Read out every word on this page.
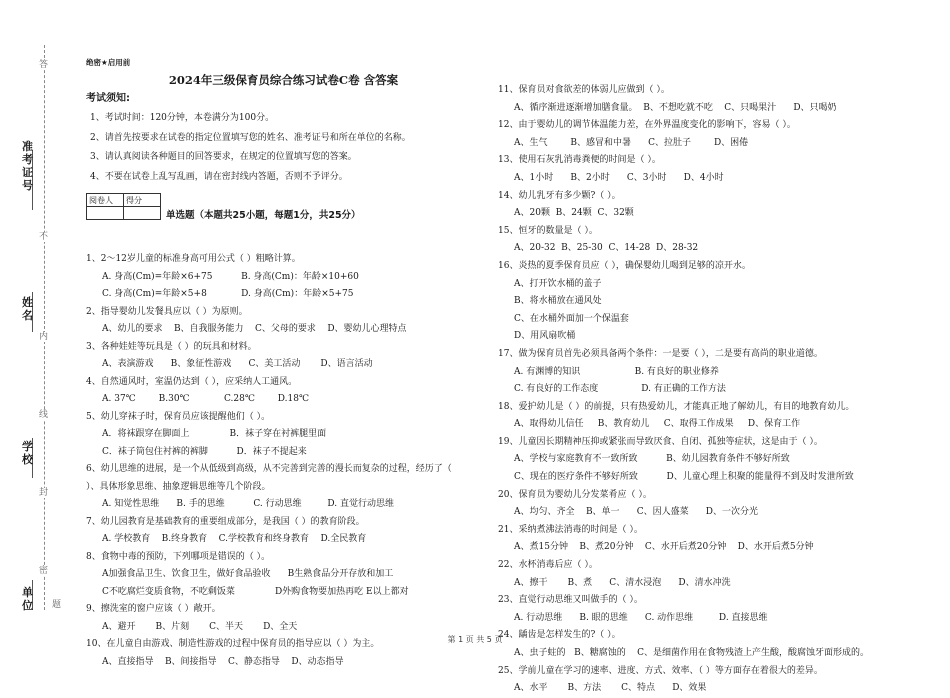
答
不
内
线
封
密
准考证号
姓名
学校
单位	题
绝密★启用前
2024年三级保育员综合练习试卷C卷 含答案
考试须知:
1、考试时间：120分钟，本卷满分为100分。
2、请首先按要求在试卷的指定位置填写您的姓名、准考证号和所在单位的名称。
3、请认真阅读各种题目的回答要求，在规定的位置填写您的答案。
4、不要在试卷上乱写乱画，请在密封线内答题，否则不予评分。
阅卷人	得分

单选题（本题共25小题，每题1分，共25分）
1、2～12岁儿童的标准身高可用公式（ ）粗略计算。
A. 身高(Cm)=年龄×6+75          B. 身高(Cm)：年龄×10+60
C. 身高(Cm)=年龄×5+8            D. 身高(Cm)：年龄×5+75
2、指导婴幼儿发餐具应以（ ）为原则。
A、幼儿的要求    B、自我服务能力    C、父母的要求    D、婴幼儿心理特点
3、各种娃娃等玩具是（ ）的玩具和材料。
A、表演游戏      B、象征性游戏      C、美工活动       D、语言活动
4、自然通风时，室温仍达到（ ），应采纳人工通风。
A. 37℃        B.30℃            C.28℃        D.18℃
5、幼儿穿袜子时，保育员应该提醒他们（ ）。
A．将袜跟穿在脚面上              B．袜子穿在衬裤腿里面
C．袜子筒包住衬裤的裤脚          D．袜子不提起来
6、幼儿思维的进展，是一个从低级到高级，从不完善到完善的漫长而复杂的过程，经历了（
）、具体形象思维、抽象逻辑思维等几个阶段。
A. 知觉性思维      B. 手的思维          C. 行动思维         D. 直觉行动思维
7、幼儿园教育是基础教育的重要组成部分，是我国（ ）的教育阶段。
A. 学校教育    B.终身教育    C.学校教育和终身教育    D.全民教育
8、食物中毒的预防，下列哪项是错误的（ ）。
A加强食品卫生、饮食卫生，做好食品验收      B生熟食品分开存放和加工
C不吃腐烂变质食物，不吃剩饭菜              D外购食物要加热再吃 E以上都对
9、擦洗室的窗户应该（ ）敞开。
A、避开       B、片刻       C、半天       D、全天
10、在儿童自由游戏、制造性游戏的过程中保育员的指导应以（ ）为主。
A、直接指导    B、间接指导    C、静态指导    D、动态指导
11、保育员对食欲差的体弱儿应做到（ ）。
A、循序渐进逐渐增加膳食量。  B、不想吃就不吃    C、只喝果汁      D、只喝奶
12、由于婴幼儿的调节体温能力差，在外界温度变化的影响下，容易（ ）。
A、生气        B、感冒和中暑      C、拉肚子        D、困倦
13、使用石灰乳消毒粪便的时间是（ ）。
A、1小时      B、2小时      C、3小时      D、4小时
14、幼儿乳牙有多少颗?（ ）。
A、20颗  B、24颗  C、32颗
15、恒牙的数量是（ ）。
A、20-32  B、25-30  C、14-28  D、28-32
16、炎热的夏季保育员应（ ），确保婴幼儿喝到足够的凉开水。
A、打开饮水桶的盖子
B、将水桶放在通风处
C、在水桶外面加一个保温套
D、用风扇吹桶
17、做为保育员首先必须具备两个条件：一是要（ ），二是要有高尚的职业道德。
A. 有渊博的知识                   B. 有良好的职业修养
C. 有良好的工作态度               D. 有正确的工作方法
18、爱护幼儿是（ ）的前提，只有热爱幼儿，才能真正地了解幼儿，有目的地教育幼儿。
A、取得幼儿信任     B、教育幼儿     C、取得工作成果     D、保育工作
19、儿童因长期精神压抑或紧张而导致厌食、自闭、孤独等症状，这是由于（ ）。
A、学校与家庭教育不一致所致          B、幼儿园教育条件不够好所致
C、现在的医疗条件不够好所致          D、儿童心理上积聚的能量得不到及时发泄所致
20、保育员为婴幼儿分发菜肴应（ ）。
A、均匀、齐全    B、单一      C、因人盛菜      D、一次分光
21、采纳煮沸法消毒的时间是（ ）。
A、煮15分钟    B、煮20分钟    C、水开后煮20分钟    D、水开后煮5分钟
22、水杯消毒后应（ ）。
A、擦干       B、煮      C、清水浸泡      D、清水冲洗
23、直觉行动思维又叫做手的（ ）。
A. 行动思维      B. 眼的思维      C. 动作思维         D. 直接思维
24、龋齿是怎样发生的?（ ）。
A、虫子蛀的   B、糖腐蚀的    C、是细菌作用在食物残渣上产生酸，酸腐蚀牙面形成的。
25、学前儿童在学习的速率、进度、方式、效率、（ ）等方面存在着很大的差异。
A、水平       B、方法       C、特点      D、效果
第 1 页 共 5 页
